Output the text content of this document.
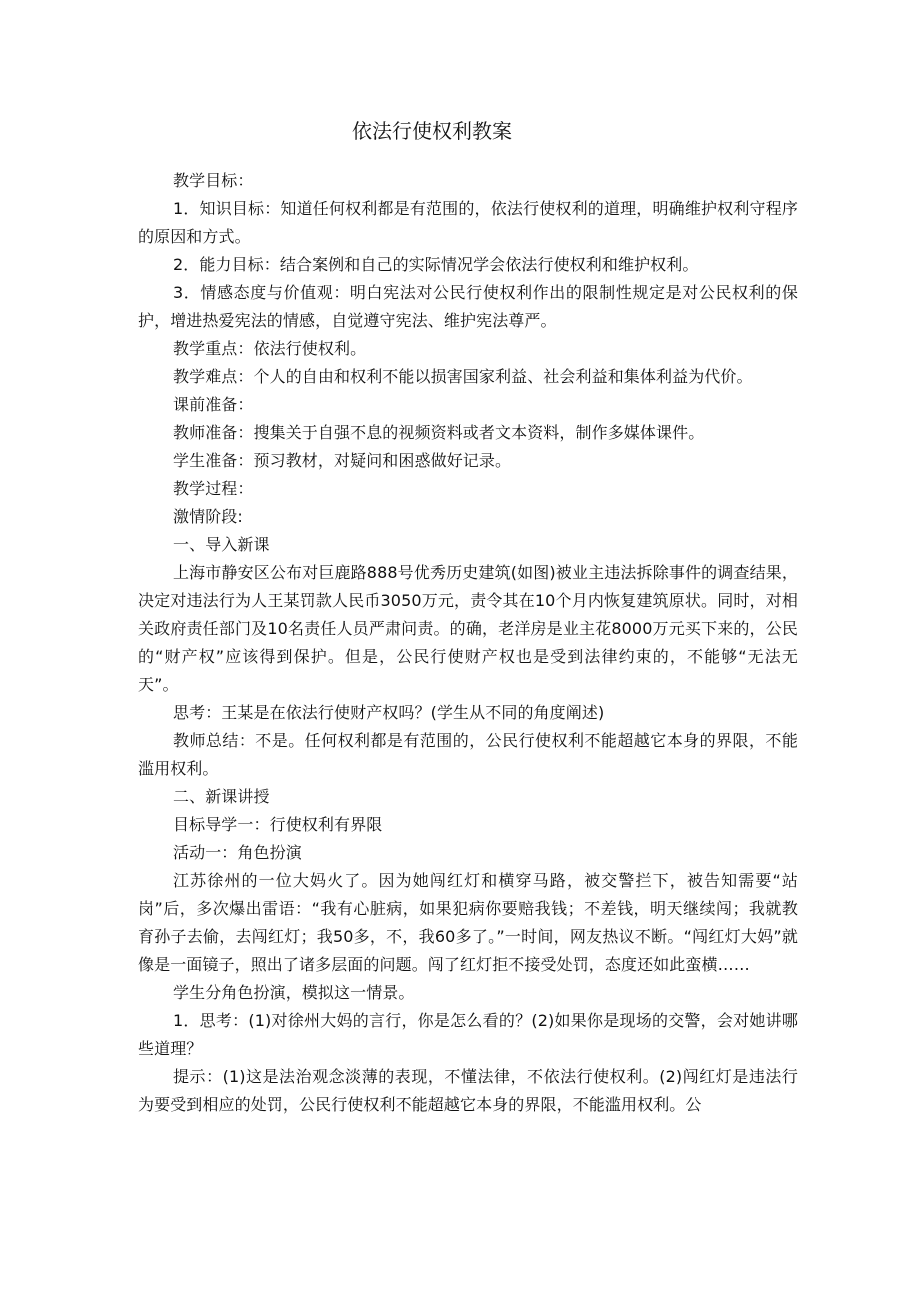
依法行使权利教案

教学目标：

1．知识目标：知道任何权利都是有范围的，依法行使权利的道理，明确维护权利守程序的原因和方式。

2．能力目标：结合案例和自己的实际情况学会依法行使权利和维护权利。

3．情感态度与价值观：明白宪法对公民行使权利作出的限制性规定是对公民权利的保护，增进热爱宪法的情感，自觉遵守宪法、维护宪法尊严。

教学重点：依法行使权利。

教学难点：个人的自由和权利不能以损害国家利益、社会利益和集体利益为代价。

课前准备：

教师准备：搜集关于自强不息的视频资料或者文本资料，制作多媒体课件。

学生准备：预习教材，对疑问和困惑做好记录。

教学过程：

激情阶段:

一、导入新课

上海市静安区公布对巨鹿路888号优秀历史建筑(如图)被业主违法拆除事件的调查结果，决定对违法行为人王某罚款人民币3050万元，责令其在10个月内恢复建筑原状。同时，对相关政府责任部门及10名责任人员严肃问责。的确，老洋房是业主花8000万元买下来的，公民的“财产权”应该得到保护。但是，公民行使财产权也是受到法律约束的，不能够“无法无天”。

思考：王某是在依法行使财产权吗？(学生从不同的角度阐述)

教师总结：不是。任何权利都是有范围的，公民行使权利不能超越它本身的界限，不能滥用权利。

二、新课讲授

目标导学一：行使权利有界限

活动一：角色扮演

江苏徐州的一位大妈火了。因为她闯红灯和横穿马路，被交警拦下，被告知需要“站岗”后，多次爆出雷语：“我有心脏病，如果犯病你要赔我钱；不差钱，明天继续闯；我就教育孙子去偷，去闯红灯；我50多，不，我60多了。”一时间，网友热议不断。“闯红灯大妈”就像是一面镜子，照出了诸多层面的问题。闯了红灯拒不接受处罚，态度还如此蛮横……

学生分角色扮演，模拟这一情景。

1．思考：(1)对徐州大妈的言行，你是怎么看的？(2)如果你是现场的交警，会对她讲哪些道理？

提示：(1)这是法治观念淡薄的表现，不懂法律，不依法行使权利。(2)闯红灯是违法行为要受到相应的处罚，公民行使权利不能超越它本身的界限，不能滥用权利。公
